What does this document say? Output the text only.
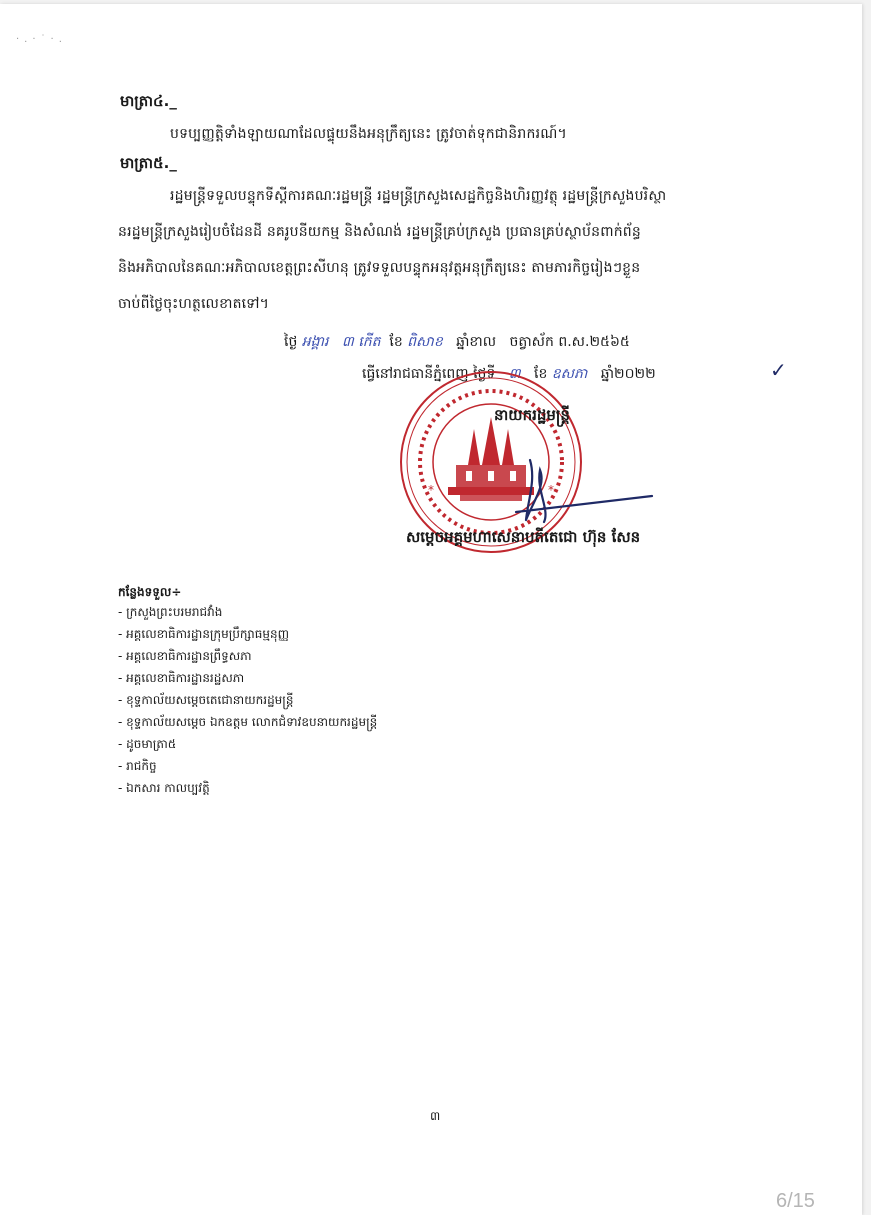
·.·˙·.
មាត្រា៤._
បទប្បញ្ញត្តិទាំងឡាយណាដែលផ្ទុយនឹងអនុក្រឹត្យនេះ ត្រូវចាត់ទុកជានិរាករណ៍។
មាត្រា៥._
រដ្ឋមន្ត្រីទទួលបន្ទុកទីស្តីការគណៈរដ្ឋមន្ត្រី រដ្ឋមន្ត្រីក្រសួងសេដ្ឋកិច្ចនិងហិរញ្ញវត្ថុ រដ្ឋមន្ត្រីក្រសួងបរិស្ថា
នរដ្ឋមន្ត្រីក្រសួងរៀបចំដែនដី នគរូបនីយកម្ម និងសំណង់ រដ្ឋមន្ត្រីគ្រប់ក្រសួង ប្រធានគ្រប់ស្ថាប័នពាក់ព័ន្ធ
និងអភិបាលនៃគណៈអភិបាលខេត្តព្រះសីហនុ ត្រូវទទួលបន្ទុកអនុវត្តអនុក្រឹត្យនេះ តាមភារកិច្ចរៀងៗខ្លួន
ចាប់ពីថ្ងៃចុះហត្ថលេខាតទៅ។
ថ្ងៃ អង្គារ ៣ កើត ខែ ពិសាខ ឆ្នាំខាល ចត្វាស័ក ព.ស.២៥៦៥
ធ្វើនៅរាជធានីភ្នំពេញ ថ្ងៃទី ៣ ខែ ឧសភា ឆ្នាំ២០២២	✓
*	*
នាយករដ្ឋមន្ត្រី
សម្តេចអគ្គមហាសេនាបតីតេជោ ហ៊ុន សែន
កន្លែងទទួល÷
- ក្រសួងព្រះបរមរាជវាំង
- អគ្គលេខាធិការដ្ឋានក្រុមប្រឹក្សាធម្មនុញ្ញ
- អគ្គលេខាធិការដ្ឋានព្រឹទ្ធសភា
- អគ្គលេខាធិការដ្ឋានរដ្ឋសភា
- ខុទ្ទកាល័យសម្តេចតេជោនាយករដ្ឋមន្ត្រី
- ខុទ្ទកាល័យសម្តេច ឯកឧត្តម លោកជំទាវឧបនាយករដ្ឋមន្ត្រី
- ដូចមាត្រា៥
- រាជកិច្ច
- ឯកសារ កាលប្បវត្តិ
៣
6/15
